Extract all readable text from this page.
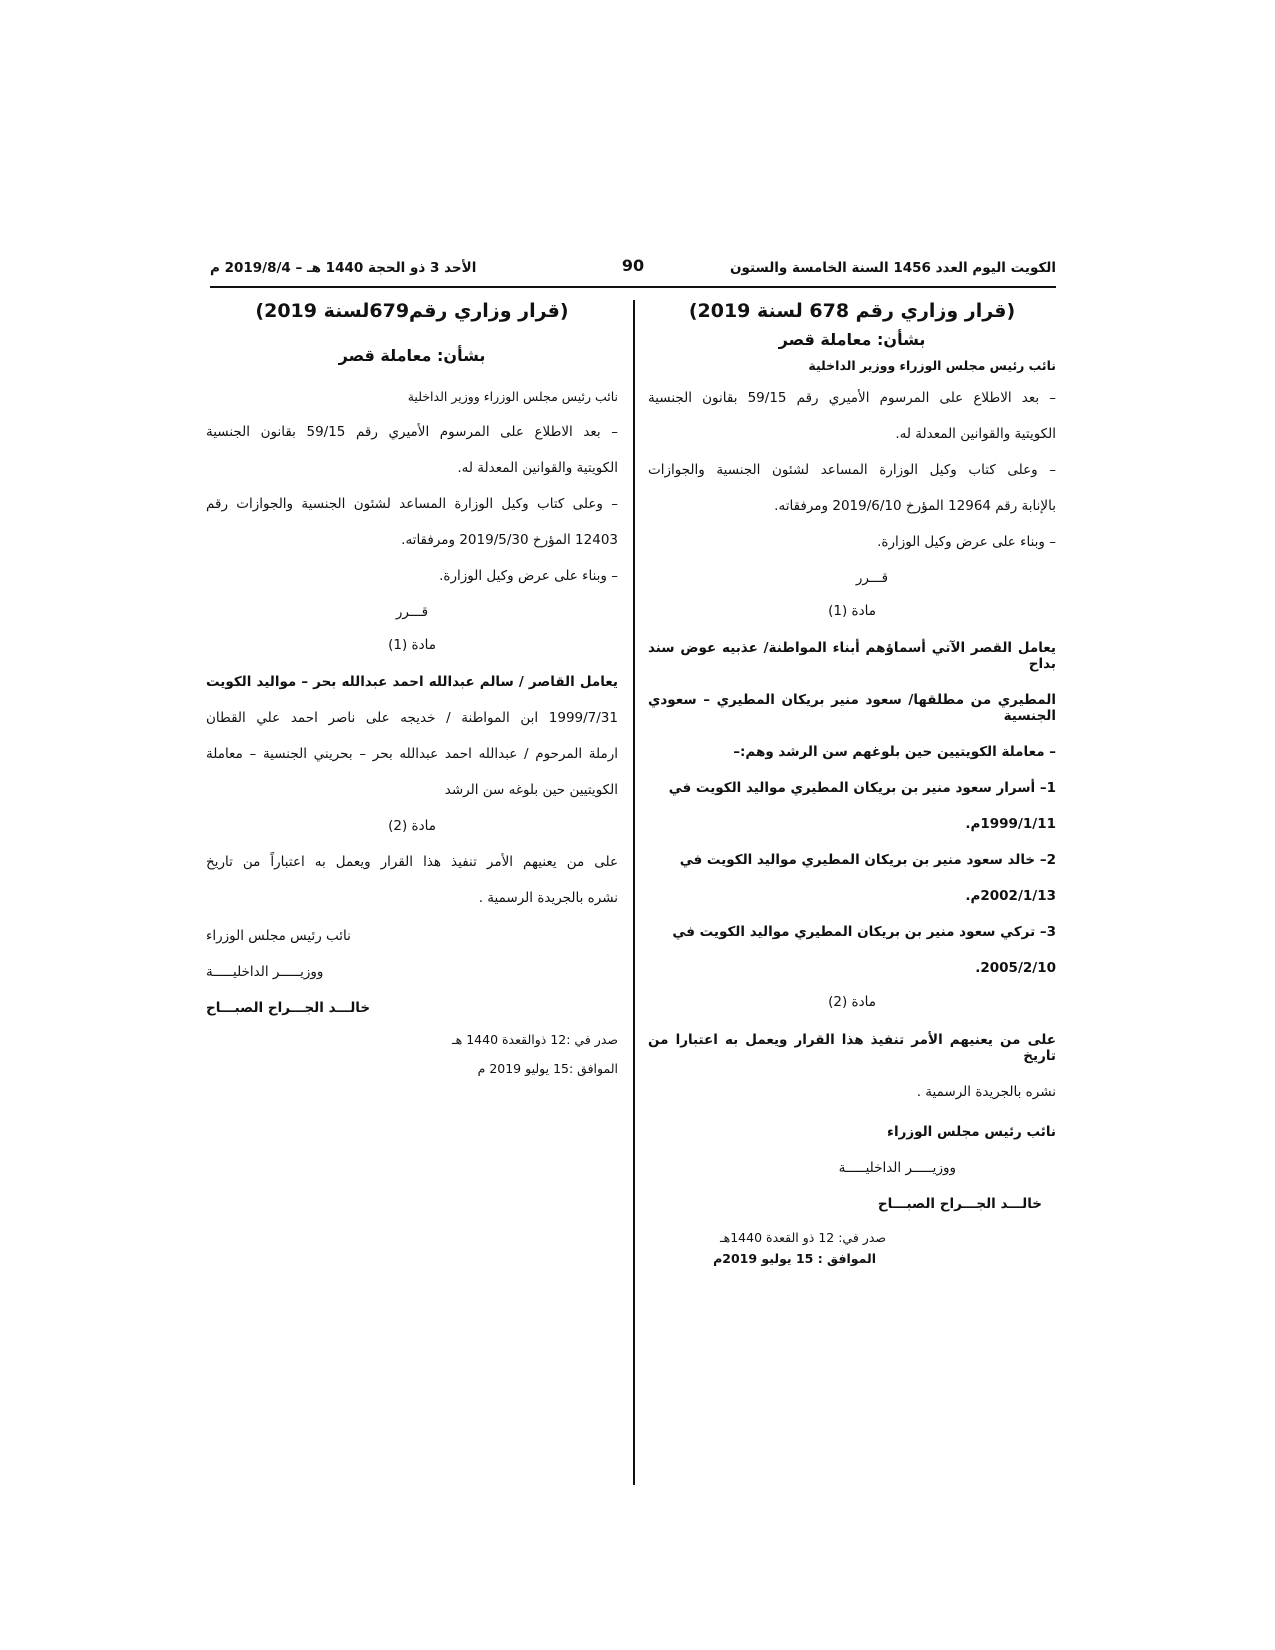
الكويت اليوم العدد 1456 السنة الخامسة والستون
90
الأحد 3 ذو الحجة 1440 هـ – 2019/8/4 م

(قرار وزاري رقم 678 لسنة 2019)

بشأن: معاملة قصر

نائب رئيس مجلس الوزراء ووزير الداخلية

– بعد الاطلاع على المرسوم الأميري رقم 59/15 بقانون الجنسية

الكويتية والقوانين المعدلة له.

– وعلى كتاب وكيل الوزارة المساعد لشئون الجنسية والجوازات

بالإنابة رقم 12964 المؤرخ 2019/6/10 ومرفقاته.

– وبناء على عرض وكيل الوزارة.

قـــرر

مادة (1)

يعامل القصر الآتي أسماؤهم أبناء المواطنة/ عذبيه عوض سند بداح

المطيري من مطلقها/ سعود منير بريكان المطيري – سعودي الجنسية

– معاملة الكويتيين حين بلوغهم سن الرشد وهم:–

1– أسرار سعود منير بن بريكان المطيري مواليد الكويت في

1999/1/11م.

2– خالد سعود منير بن بريكان المطيري مواليد الكويت في

2002/1/13م.

3– تركي سعود منير بن بريكان المطيري مواليد الكويت في

2005/2/10.

مادة (2)

على من يعنيهم الأمر تنفيذ هذا القرار ويعمل به اعتبارا من تاريخ

نشره بالجريدة الرسمية .

نائب رئيس مجلس الوزراء

ووزيـــــر الداخليـــــة

خالـــد الجـــراح الصبـــاح

صدر في: 12 ذو القعدة 1440هـ

الموافق : 15 يوليو 2019م

(قرار وزاري رقم679لسنة 2019)

بشأن: معاملة قصر

نائب رئيس مجلس الوزراء ووزير الداخلية

– بعد الاطلاع على المرسوم الأميري رقم 59/15 بقانون الجنسية

الكويتية والقوانين المعدلة له.

– وعلى كتاب وكيل الوزارة المساعد لشئون الجنسية والجوازات رقم

12403 المؤرخ 2019/5/30 ومرفقاته.

– وبناء على عرض وكيل الوزارة.

قـــرر

مادة (1)

يعامل القاصر / سالم عبدالله احمد عبدالله بحر – مواليد الكويت

1999/7/31 ابن المواطنة / خديجه على ناصر احمد علي القطان

ارملة المرحوم / عبدالله احمد عبدالله بحر – بحريني الجنسية – معاملة

الكويتيين حين بلوغه سن الرشد

مادة (2)

على من يعنيهم الأمر تنفيذ هذا القرار ويعمل به اعتباراً من تاريخ

نشره بالجريدة الرسمية .

نائب رئيس مجلس الوزراء

ووزيـــــر الداخليـــــة

خالـــد الجـــراح الصبـــاح

صدر في :12 ذوالقعدة 1440 هـ

الموافق :15 يوليو 2019 م
